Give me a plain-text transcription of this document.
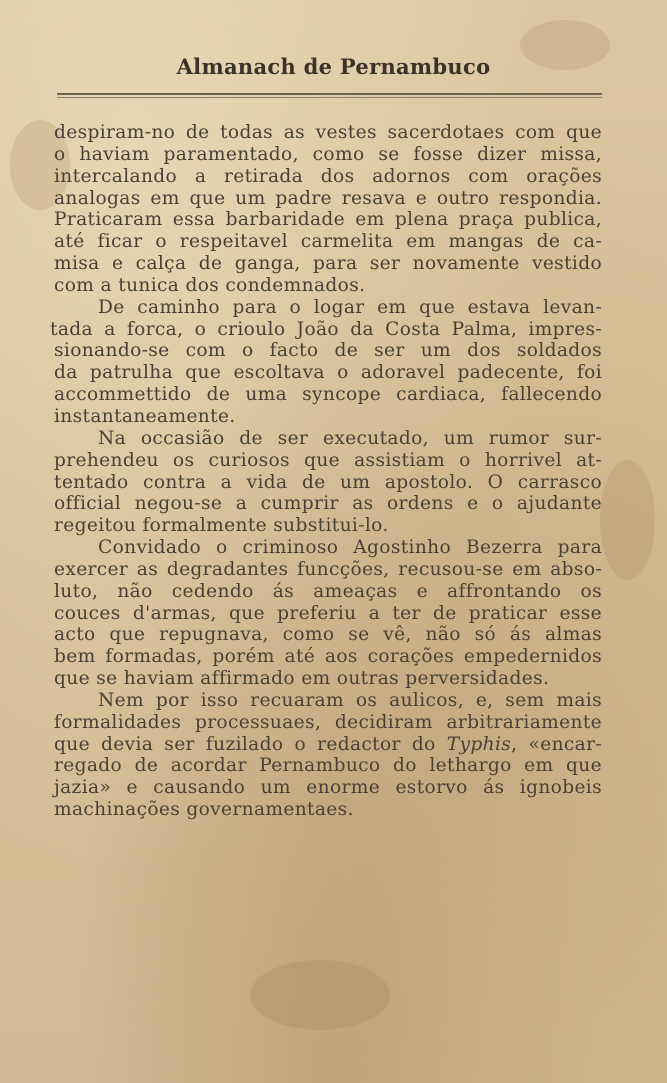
Almanach de Pernambuco
despiram-no de todas as vestes sacerdotaes com que
o haviam paramentado, como se fosse dizer missa,
intercalando a retirada dos adornos com orações
analogas em que um padre resava e outro respondia.
Praticaram essa barbaridade em plena praça publica,
até ficar o respeitavel carmelita em mangas de ca-
misa e calça de ganga, para ser novamente vestido
com a tunica dos condemnados.
De caminho para o logar em que estava levan-
tada a forca, o crioulo João da Costa Palma, impres-
sionando-se com o facto de ser um dos soldados
da patrulha que escoltava o adoravel padecente, foi
accommettido de uma syncope cardiaca, fallecendo
instantaneamente.
Na occasião de ser executado, um rumor sur-
prehendeu os curiosos que assistiam o horrivel at-
tentado contra a vida de um apostolo. O carrasco
official negou-se a cumprir as ordens e o ajudante
regeitou formalmente substitui-lo.
Convidado o criminoso Agostinho Bezerra para
exercer as degradantes funcções, recusou-se em abso-
luto, não cedendo ás ameaças e affrontando os
couces d'armas, que preferiu a ter de praticar esse
acto que repugnava, como se vê, não só ás almas
bem formadas, porém até aos corações empedernidos
que se haviam affirmado em outras perversidades.
Nem por isso recuaram os aulicos, e, sem mais
formalidades processuaes, decidiram arbitrariamente
que devia ser fuzilado o redactor do Typhis, «encar-
regado de acordar Pernambuco do lethargo em que
jazia» e causando um enorme estorvo ás ignobeis
machinações governamentaes.
